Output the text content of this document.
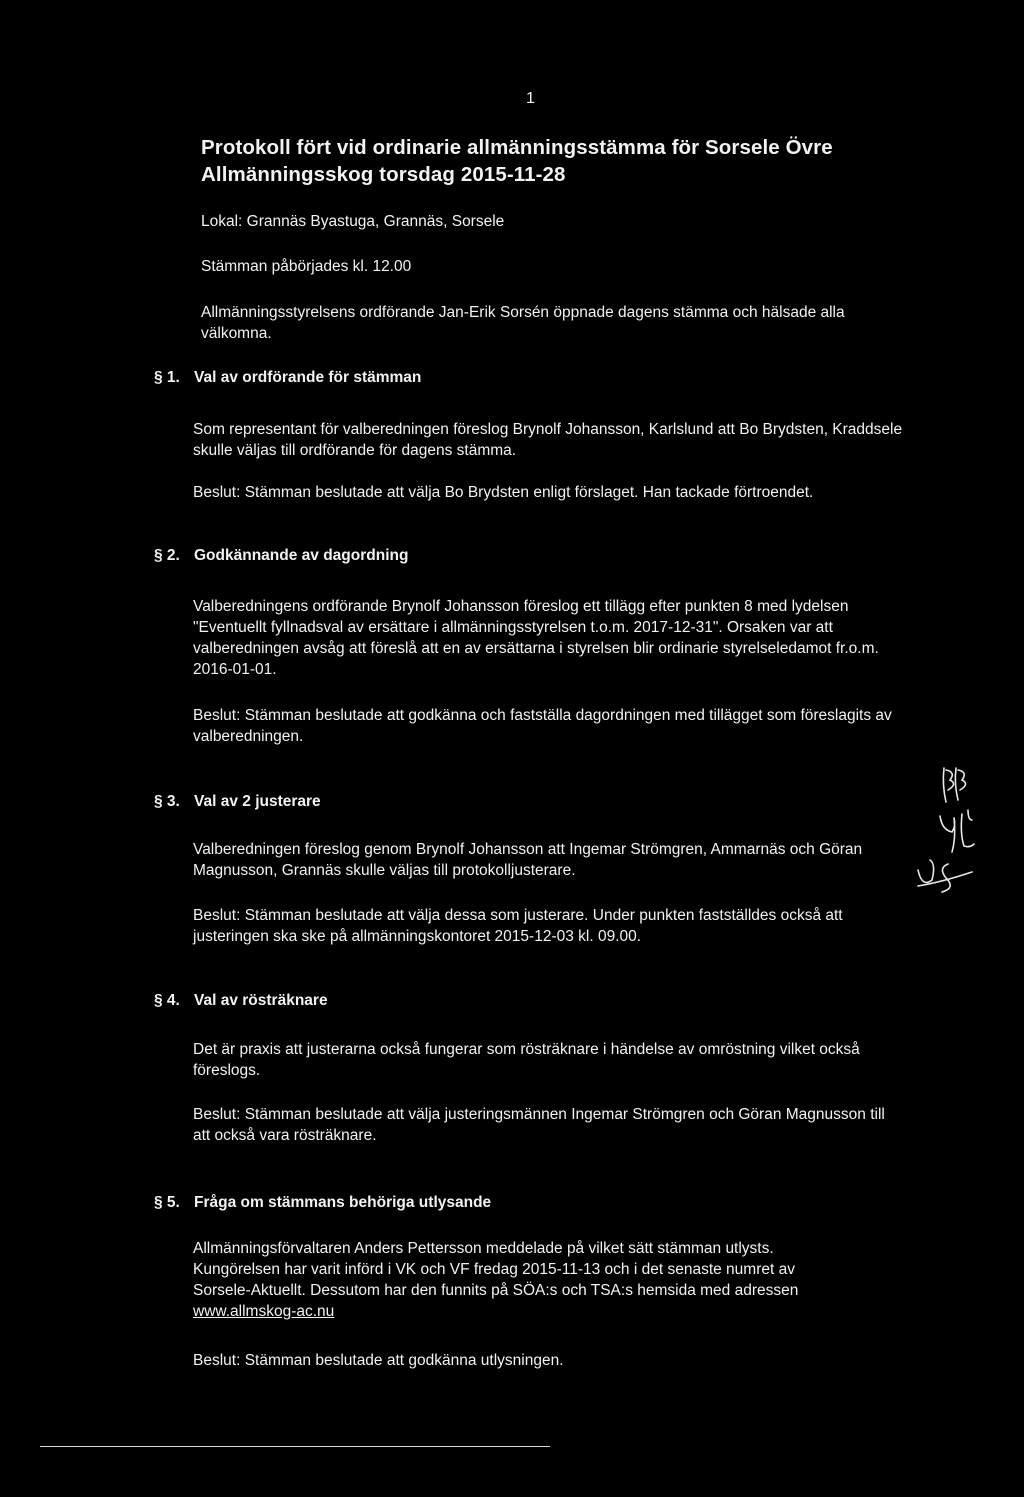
1
Protokoll fört vid ordinarie allmänningsstämma för Sorsele Övre Allmänningsskog torsdag 2015-11-28
Lokal: Grannäs Byastuga, Grannäs, Sorsele
Stämman påbörjades kl. 12.00
Allmänningsstyrelsens ordförande Jan-Erik Sorsén öppnade dagens stämma och hälsade alla välkomna.
§ 1. Val av ordförande för stämman
Som representant för valberedningen föreslog Brynolf Johansson, Karlslund att Bo Brydsten, Kraddsele skulle väljas till ordförande för dagens stämma.
Beslut: Stämman beslutade att välja Bo Brydsten enligt förslaget. Han tackade förtroendet.
§ 2. Godkännande av dagordning
Valberedningens ordförande Brynolf Johansson föreslog ett tillägg efter punkten 8 med lydelsen "Eventuellt fyllnadsval av ersättare i allmänningsstyrelsen t.o.m. 2017-12-31". Orsaken var att valberedningen avsåg att föreslå att en av ersättarna i styrelsen blir ordinarie styrelseledamot fr.o.m. 2016-01-01.
Beslut: Stämman beslutade att godkänna och fastställa dagordningen med tillägget som föreslagits av valberedningen.
§ 3. Val av 2 justerare
Valberedningen föreslog genom Brynolf Johansson att Ingemar Strömgren, Ammarnäs och Göran Magnusson, Grannäs skulle väljas till protokolljusterare.
Beslut: Stämman beslutade att välja dessa som justerare. Under punkten fastställdes också att justeringen ska ske på allmänningskontoret 2015-12-03 kl. 09.00.
§ 4. Val av rösträknare
Det är praxis att justerarna också fungerar som rösträknare i händelse av omröstning vilket också föreslogs.
Beslut: Stämman beslutade att välja justeringsmännen Ingemar Strömgren och Göran Magnusson till att också vara rösträknare.
§ 5. Fråga om stämmans behöriga utlysande
Allmänningsförvaltaren Anders Pettersson meddelade på vilket sätt stämman utlysts. Kungörelsen har varit införd i VK och VF fredag 2015-11-13 och i det senaste numret av Sorsele-Aktuellt. Dessutom har den funnits på SÖA:s och TSA:s hemsida med adressen www.allmskog-ac.nu
Beslut: Stämman beslutade att godkänna utlysningen.
